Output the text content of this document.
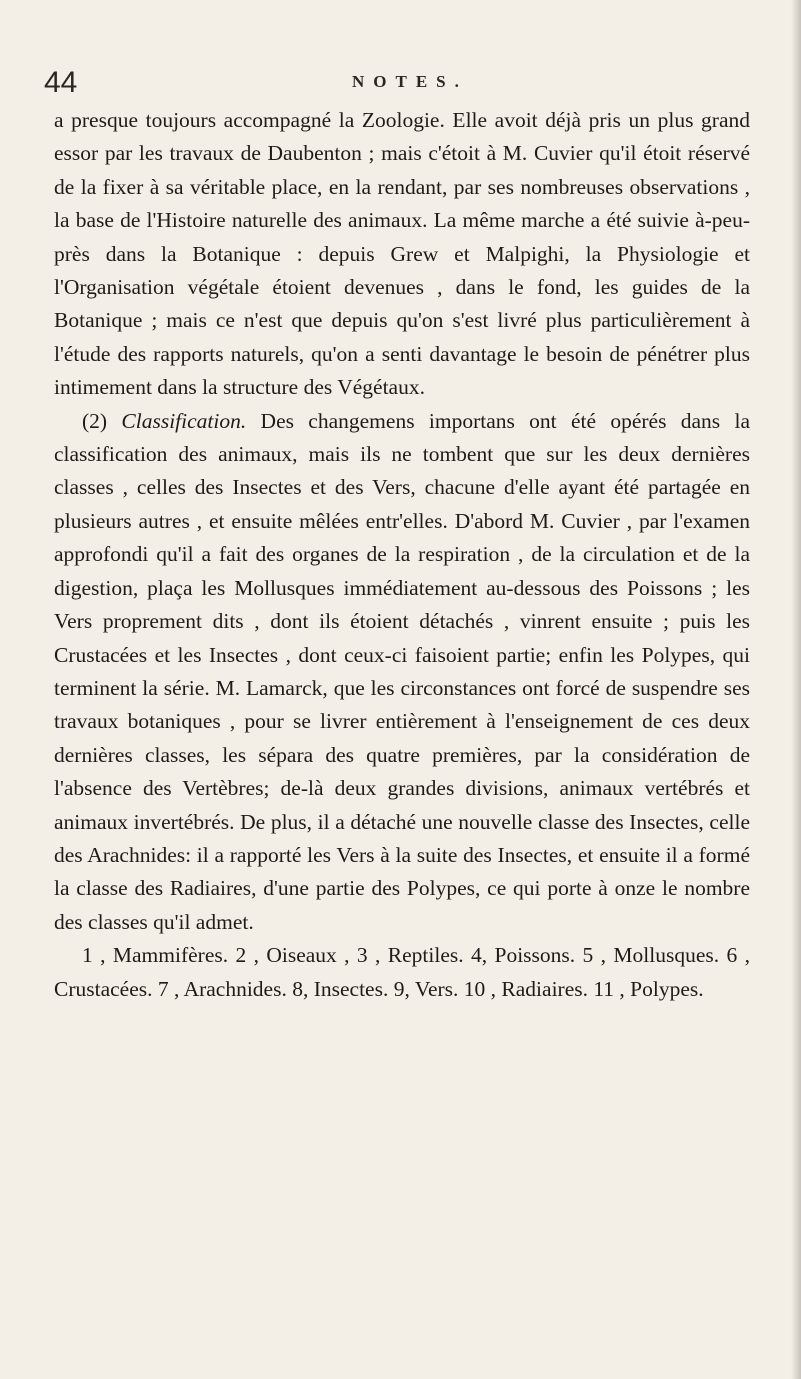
44	NOTES.

a presque toujours accompagné la Zoologie. Elle avoit déjà pris un plus grand essor par les travaux de Daubenton ; mais c'étoit à M. Cuvier qu'il étoit réservé de la fixer à sa véritable place, en la rendant, par ses nombreuses observations , la base de l'Histoire naturelle des animaux. La même marche a été suivie à-peu-près dans la Botanique : depuis Grew et Malpighi, la Physiologie et l'Organisation végétale étoient devenues , dans le fond, les guides de la Botanique ; mais ce n'est que depuis qu'on s'est livré plus particulièrement à l'étude des rapports naturels, qu'on a senti davantage le besoin de pénétrer plus intimement dans la structure des Végétaux.

(2) Classification. Des changemens importans ont été opérés dans la classification des animaux, mais ils ne tombent que sur les deux dernières classes , celles des Insectes et des Vers, chacune d'elle ayant été partagée en plusieurs autres , et ensuite mêlées entr'elles. D'abord M. Cuvier , par l'examen approfondi qu'il a fait des organes de la respiration , de la circulation et de la digestion, plaça les Mollusques immédiatement au-dessous des Poissons ; les Vers proprement dits , dont ils étoient détachés , vinrent ensuite ; puis les Crustacées et les Insectes , dont ceux-ci faisoient partie; enfin les Polypes, qui terminent la série. M. Lamarck, que les circonstances ont forcé de suspendre ses travaux botaniques , pour se livrer entièrement à l'enseignement de ces deux dernières classes, les sépara des quatre premières, par la considération de l'absence des Vertèbres; de-là deux grandes divisions, animaux vertébrés et animaux invertébrés. De plus, il a détaché une nouvelle classe des Insectes, celle des Arachnides: il a rapporté les Vers à la suite des Insectes, et ensuite il a formé la classe des Radiaires, d'une partie des Polypes, ce qui porte à onze le nombre des classes qu'il admet.

1 , Mammifères. 2 , Oiseaux , 3 , Reptiles. 4, Poissons. 5 , Mollusques. 6 , Crustacées. 7 , Arachnides. 8, Insectes. 9, Vers. 10 , Radiaires. 11 , Polypes.
